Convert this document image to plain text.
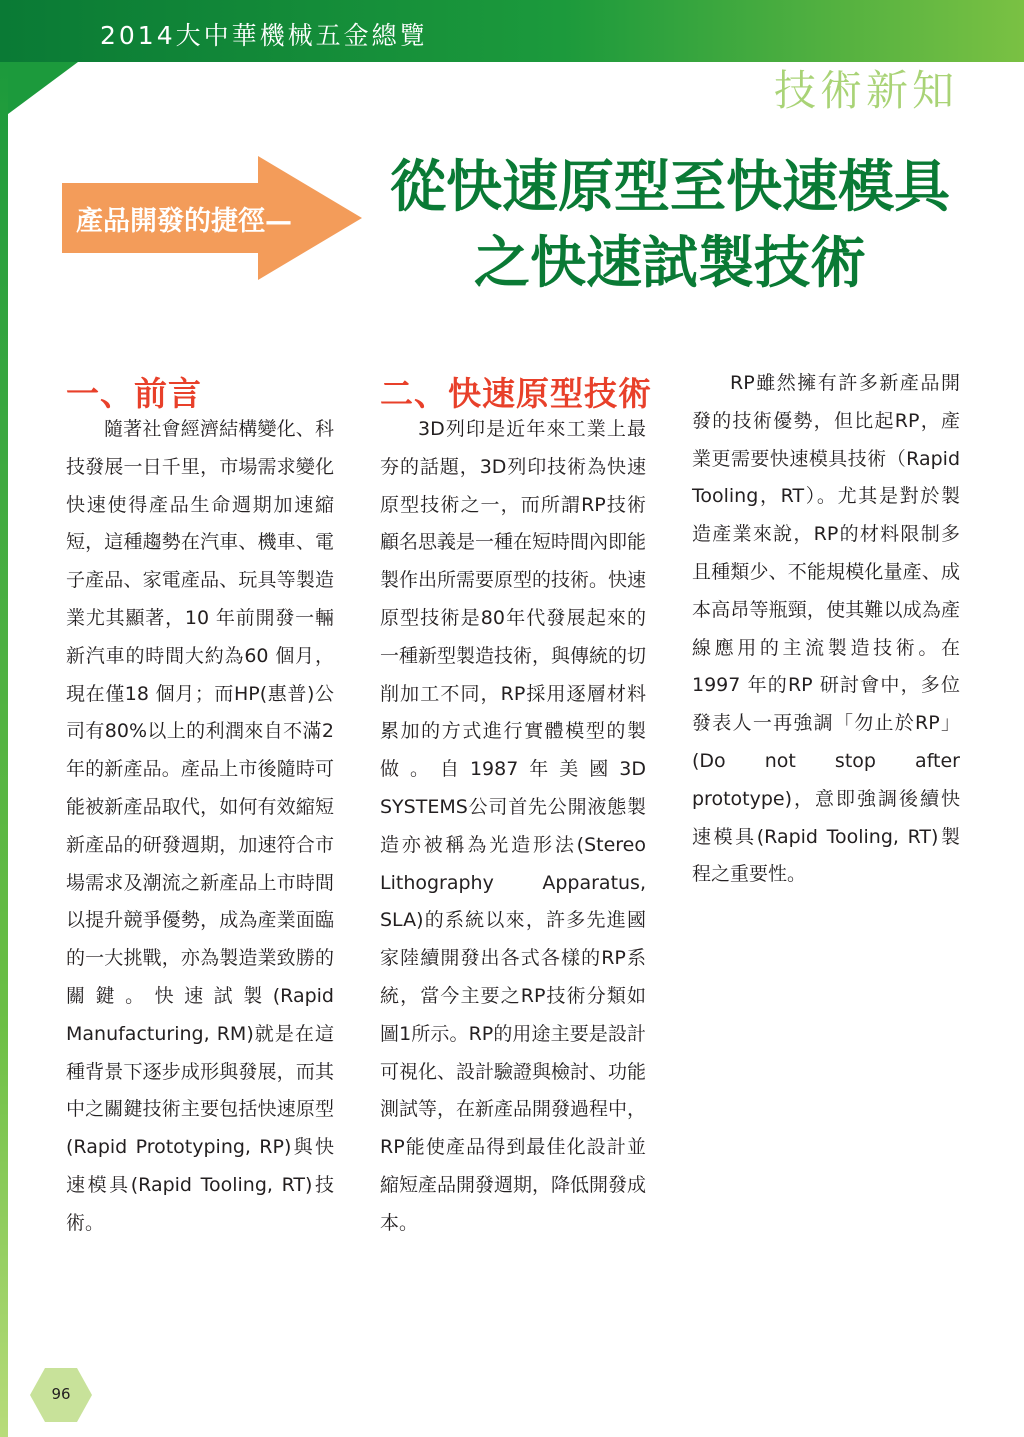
2014大中華機械五金總覽
技術新知
產品開發的捷徑—
從快速原型至快速模具
之快速試製技術
一、前言

隨著社會經濟結構變化、科技發展一日千里，市場需求變化快速使得產品生命週期加速縮短，這種趨勢在汽車、機車、電子產品、家電產品、玩具等製造業尤其顯著，10 年前開發一輛新汽車的時間大約為60 個月，現在僅18 個月；而HP(惠普)公司有80%以上的利潤來自不滿2年的新產品。產品上市後隨時可能被新產品取代，如何有效縮短新產品的研發週期，加速符合市場需求及潮流之新產品上市時間以提升競爭優勢，成為產業面臨的一大挑戰，亦為製造業致勝的關鍵。快速試製(Rapid Manufacturing, RM)就是在這種背景下逐步成形與發展，而其中之關鍵技術主要包括快速原型(Rapid Prototyping, RP)與快速模具(Rapid Tooling, RT)技術。

二、快速原型技術

3D列印是近年來工業上最夯的話題，3D列印技術為快速原型技術之一，而所謂RP技術顧名思義是一種在短時間內即能製作出所需要原型的技術。快速原型技術是80年代發展起來的一種新型製造技術，與傳統的切削加工不同，RP採用逐層材料累加的方式進行實體模型的製做。自1987年美國3D SYSTEMS公司首先公開液態製造亦被稱為光造形法(Stereo Lithography Apparatus, SLA)的系統以來，許多先進國家陸續開發出各式各樣的RP系統，當今主要之RP技術分類如圖1所示。RP的用途主要是設計可視化、設計驗證與檢討、功能測試等，在新產品開發過程中，RP能使產品得到最佳化設計並縮短產品開發週期，降低開發成本。

RP雖然擁有許多新產品開發的技術優勢，但比起RP，產業更需要快速模具技術（Rapid Tooling，RT）。尤其是對於製造產業來說，RP的材料限制多且種類少、不能規模化量產、成本高昂等瓶頸，使其難以成為產線應用的主流製造技術。在 1997 年的RP 研討會中，多位發表人一再強調「勿止於RP」(Do not stop after prototype)，意即強調後續快速模具(Rapid Tooling, RT)製程之重要性。

96
